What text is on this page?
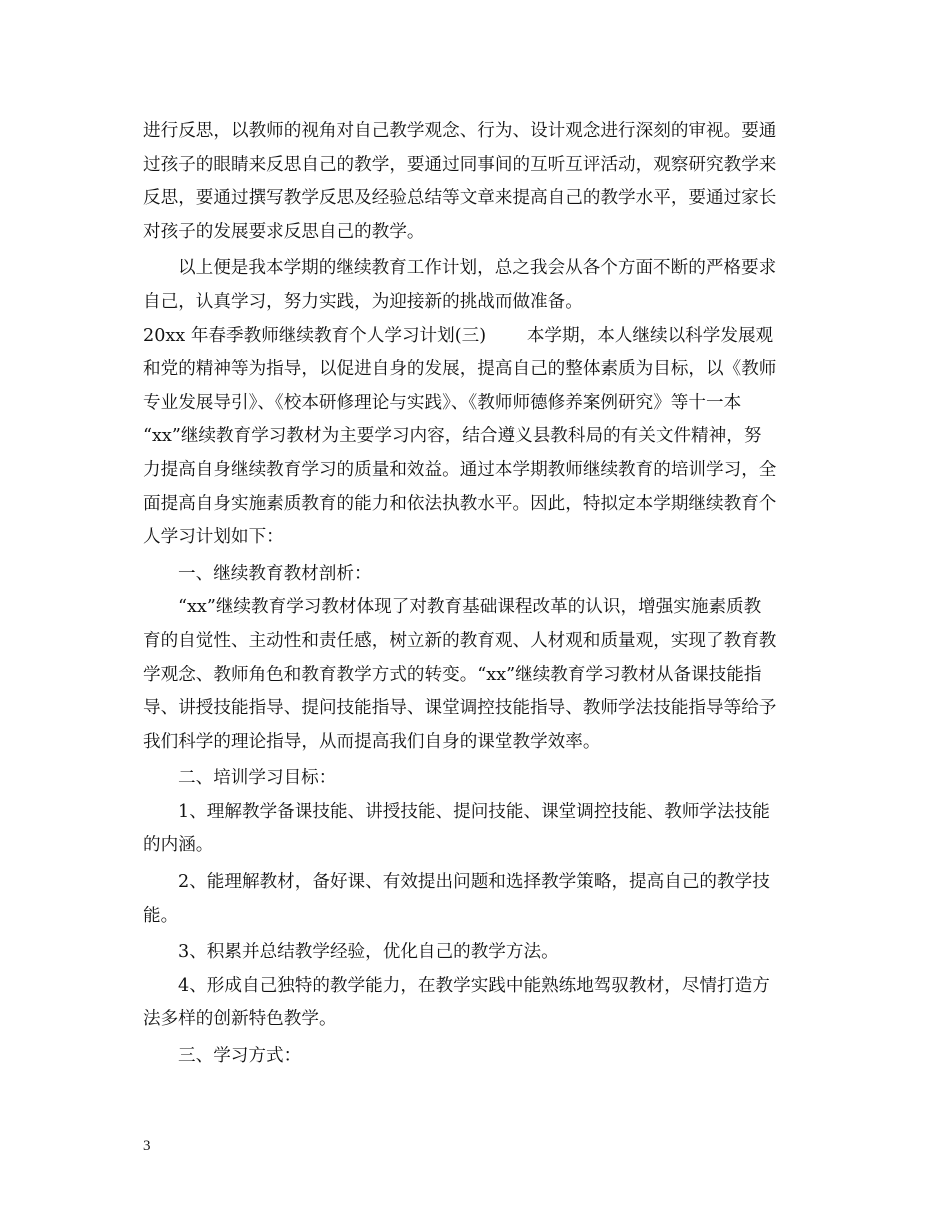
进行反思，以教师的视角对自己教学观念、行为、设计观念进行深刻的审视。要通
过孩子的眼睛来反思自己的教学，要通过同事间的互听互评活动，观察研究教学来
反思，要通过撰写教学反思及经验总结等文章来提高自己的教学水平，要通过家长
对孩子的发展要求反思自己的教学。
以上便是我本学期的继续教育工作计划，总之我会从各个方面不断的严格要求
自己，认真学习，努力实践，为迎接新的挑战而做准备。
20xx 年春季教师继续教育个人学习计划(三)　　 本学期，本人继续以科学发展观
和党的精神等为指导，以促进自身的发展，提高自己的整体素质为目标，以《教师
专业发展导引》、《校本研修理论与实践》、《教师师德修养案例研究》等十一本
“xx”继续教育学习教材为主要学习内容，结合遵义县教科局的有关文件精神，努
力提高自身继续教育学习的质量和效益。通过本学期教师继续教育的培训学习，全
面提高自身实施素质教育的能力和依法执教水平。因此，特拟定本学期继续教育个
人学习计划如下：
一、继续教育教材剖析：
“xx”继续教育学习教材体现了对教育基础课程改革的认识，增强实施素质教
育的自觉性、主动性和责任感，树立新的教育观、人材观和质量观，实现了教育教
学观念、教师角色和教育教学方式的转变。“xx”继续教育学习教材从备课技能指
导、讲授技能指导、提问技能指导、课堂调控技能指导、教师学法技能指导等给予
我们科学的理论指导，从而提高我们自身的课堂教学效率。
二、培训学习目标：
1、理解教学备课技能、讲授技能、提问技能、课堂调控技能、教师学法技能
的内涵。
2、能理解教材，备好课、有效提出问题和选择教学策略，提高自己的教学技
能。
3、积累并总结教学经验，优化自己的教学方法。
4、形成自己独特的教学能力，在教学实践中能熟练地驾驭教材，尽情打造方
法多样的创新特色教学。
三、学习方式：
3
